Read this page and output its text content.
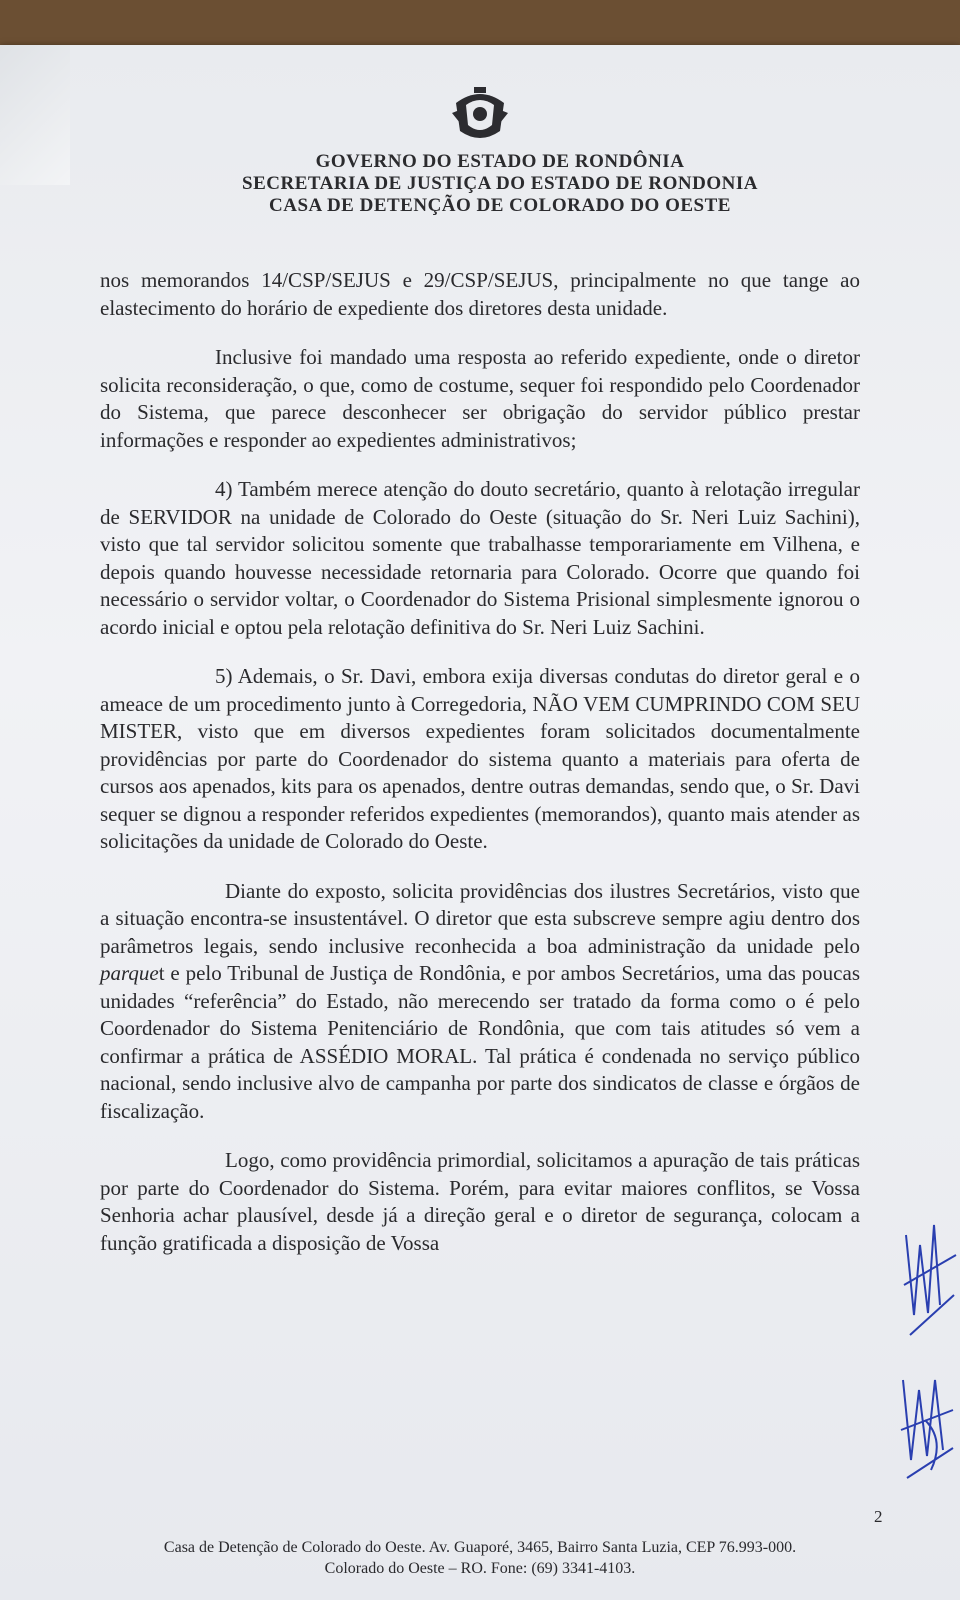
GOVERNO DO ESTADO DE RONDÔNIA
SECRETARIA DE JUSTIÇA DO ESTADO DE RONDONIA
CASA DE DETENÇÃO DE COLORADO DO OESTE

nos memorandos 14/CSP/SEJUS e 29/CSP/SEJUS, principalmente no que tange ao elastecimento do horário de expediente dos diretores desta unidade.

Inclusive foi mandado uma resposta ao referido expediente, onde o diretor solicita reconsideração, o que, como de costume, sequer foi respondido pelo Coordenador do Sistema, que parece desconhecer ser obrigação do servidor público prestar informações e responder ao expedientes administrativos;

4) Também merece atenção do douto secretário, quanto à relotação irregular de SERVIDOR na unidade de Colorado do Oeste (situação do Sr. Neri Luiz Sachini), visto que tal servidor solicitou somente que trabalhasse temporariamente em Vilhena, e depois quando houvesse necessidade retornaria para Colorado. Ocorre que quando foi necessário o servidor voltar, o Coordenador do Sistema Prisional simplesmente ignorou o acordo inicial e optou pela relotação definitiva do Sr. Neri Luiz Sachini.

5) Ademais, o Sr. Davi, embora exija diversas condutas do diretor geral e o ameace de um procedimento junto à Corregedoria, NÃO VEM CUMPRINDO COM SEU MISTER, visto que em diversos expedientes foram solicitados documentalmente providências por parte do Coordenador do sistema quanto a materiais para oferta de cursos aos apenados, kits para os apenados, dentre outras demandas, sendo que, o Sr. Davi sequer se dignou a responder referidos expedientes (memorandos), quanto mais atender as solicitações da unidade de Colorado do Oeste.

Diante do exposto, solicita providências dos ilustres Secretários, visto que a situação encontra-se insustentável. O diretor que esta subscreve sempre agiu dentro dos parâmetros legais, sendo inclusive reconhecida a boa administração da unidade pelo parquet e pelo Tribunal de Justiça de Rondônia, e por ambos Secretários, uma das poucas unidades “referência” do Estado, não merecendo ser tratado da forma como o é pelo Coordenador do Sistema Penitenciário de Rondônia, que com tais atitudes só vem a confirmar a prática de ASSÉDIO MORAL. Tal prática é condenada no serviço público nacional, sendo inclusive alvo de campanha por parte dos sindicatos de classe e órgãos de fiscalização.

Logo, como providência primordial, solicitamos a apuração de tais práticas por parte do Coordenador do Sistema. Porém, para evitar maiores conflitos, se Vossa Senhoria achar plausível, desde já a direção geral e o diretor de segurança, colocam a função gratificada a disposição de Vossa

2
Casa de Detenção de Colorado do Oeste. Av. Guaporé, 3465, Bairro Santa Luzia, CEP 76.993-000.
Colorado do Oeste – RO. Fone: (69) 3341-4103.
